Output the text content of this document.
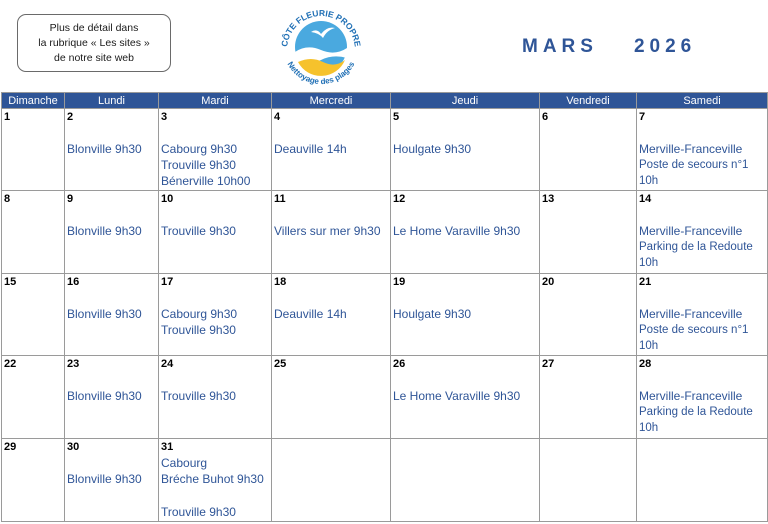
Plus de détail dans
la rubrique « Les sites »
de notre site web
CÔTE FLEURIE PROPRE
Nettoyage des plages
MARS 2026
Dimanche	Lundi	Mardi	Mercredi	Jeudi	Vendredi	Samedi

1	2
Blonville 9h30	3
Cabourg 9h30
Trouville 9h30
Bénerville 10h00	4
Deauville 14h	5
Houlgate 9h30	6	7
Merville-Franceville
Poste de secours n°1
10h

8	9
Blonville 9h30	10
Trouville 9h30	11
Villers sur mer 9h30	12
Le Home Varaville 9h30	13	14
Merville-Franceville
Parking de la Redoute
10h

15	16
Blonville 9h30	17
Cabourg 9h30
Trouville 9h30	18
Deauville 14h	19
Houlgate 9h30	20	21
Merville-Franceville
Poste de secours n°1
10h

22	23
Blonville 9h30	24
Trouville 9h30	25	26
Le Home Varaville 9h30	27	28
Merville-Franceville
Parking de la Redoute
10h

29	30
Blonville 9h30	31
Cabourg
Bréche Buhot 9h30
Trouville 9h30				
